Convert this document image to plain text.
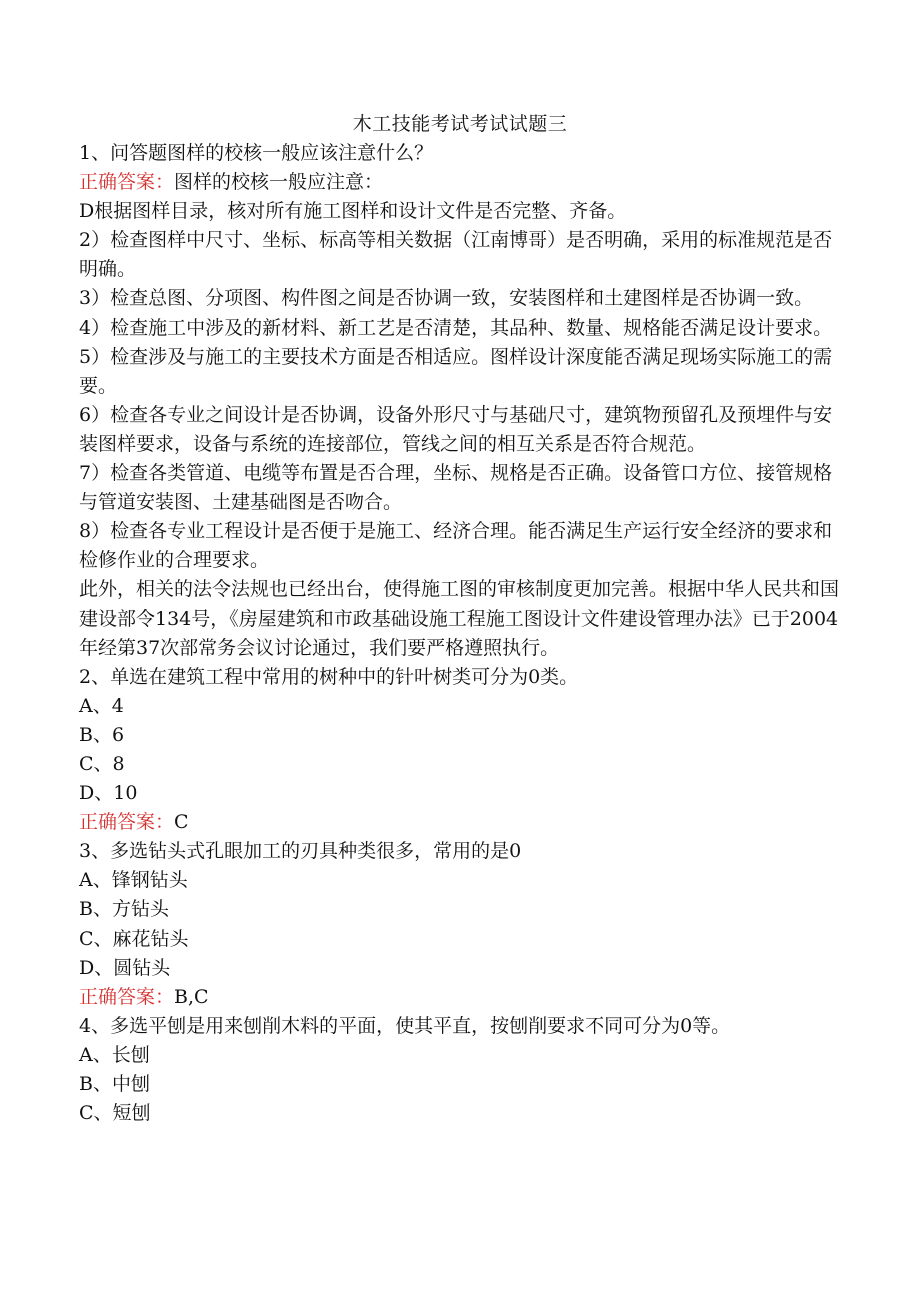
木工技能考试考试试题三
1、问答题图样的校核一般应该注意什么？
正确答案：图样的校核一般应注意：
D根据图样目录，核对所有施工图样和设计文件是否完整、齐备。
2）检查图样中尺寸、坐标、标高等相关数据（江南博哥）是否明确，采用的标准规范是否明确。
3）检查总图、分项图、构件图之间是否协调一致，安装图样和土建图样是否协调一致。
4）检查施工中涉及的新材料、新工艺是否清楚，其品种、数量、规格能否满足设计要求。
5）检查涉及与施工的主要技术方面是否相适应。图样设计深度能否满足现场实际施工的需要。
6）检查各专业之间设计是否协调，设备外形尺寸与基础尺寸，建筑物预留孔及预埋件与安装图样要求，设备与系统的连接部位，管线之间的相互关系是否符合规范。
7）检查各类管道、电缆等布置是否合理，坐标、规格是否正确。设备管口方位、接管规格与管道安装图、土建基础图是否吻合。
8）检查各专业工程设计是否便于是施工、经济合理。能否满足生产运行安全经济的要求和检修作业的合理要求。
此外，相关的法令法规也已经出台，使得施工图的审核制度更加完善。根据中华人民共和国建设部令134号，《房屋建筑和市政基础设施工程施工图设计文件建设管理办法》已于2004年经第37次部常务会议讨论通过，我们要严格遵照执行。
2、单选在建筑工程中常用的树种中的针叶树类可分为0类。
A、4
B、6
C、8
D、10
正确答案：C
3、多选钻头式孔眼加工的刃具种类很多，常用的是0
A、锋钢钻头
B、方钻头
C、麻花钻头
D、圆钻头
正确答案：B,C
4、多选平刨是用来刨削木料的平面，使其平直，按刨削要求不同可分为0等。
A、长刨
B、中刨
C、短刨
